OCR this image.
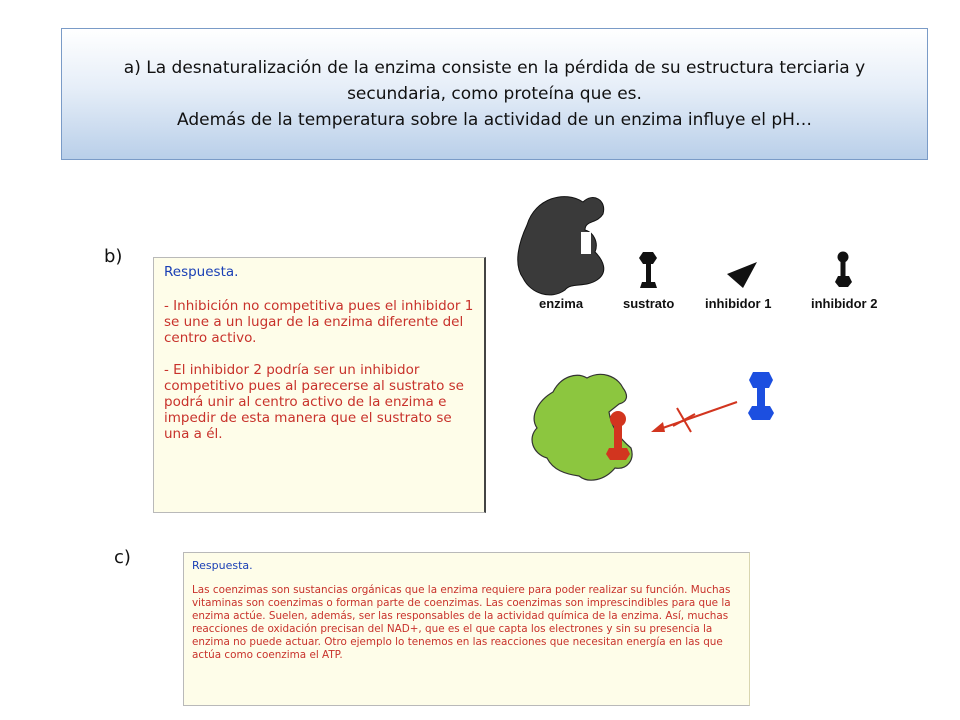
a) La desnaturalización de la enzima consiste en la pérdida de su estructura terciaria y
secundaria, como proteína que es.
Además de la temperatura sobre la actividad de un enzima influye el pH…
b)
Respuesta.

- Inhibición no competitiva pues el inhibidor 1 se une a un lugar de la enzima diferente del centro activo.

- El inhibidor 2 podría ser un inhibidor competitivo pues al parecerse al sustrato se podrá unir al centro activo de la enzima e impedir de esta manera que el sustrato se una a él.

enzima	sustrato inhibidor 1	inhibidor 2
c)	Respuesta.
Las coenzimas son sustancias orgánicas que la enzima requiere para poder realizar su función. Muchas vitaminas son coenzimas o forman parte de coenzimas. Las coenzimas son imprescindibles para que la enzima actúe. Suelen, además, ser las responsables de la actividad química de la enzima. Así, muchas reacciones de oxidación precisan del NAD+, que es el que capta los electrones y sin su presencia la enzima no puede actuar. Otro ejemplo lo tenemos en las reacciones que necesitan energía en las que actúa como coenzima el ATP.
